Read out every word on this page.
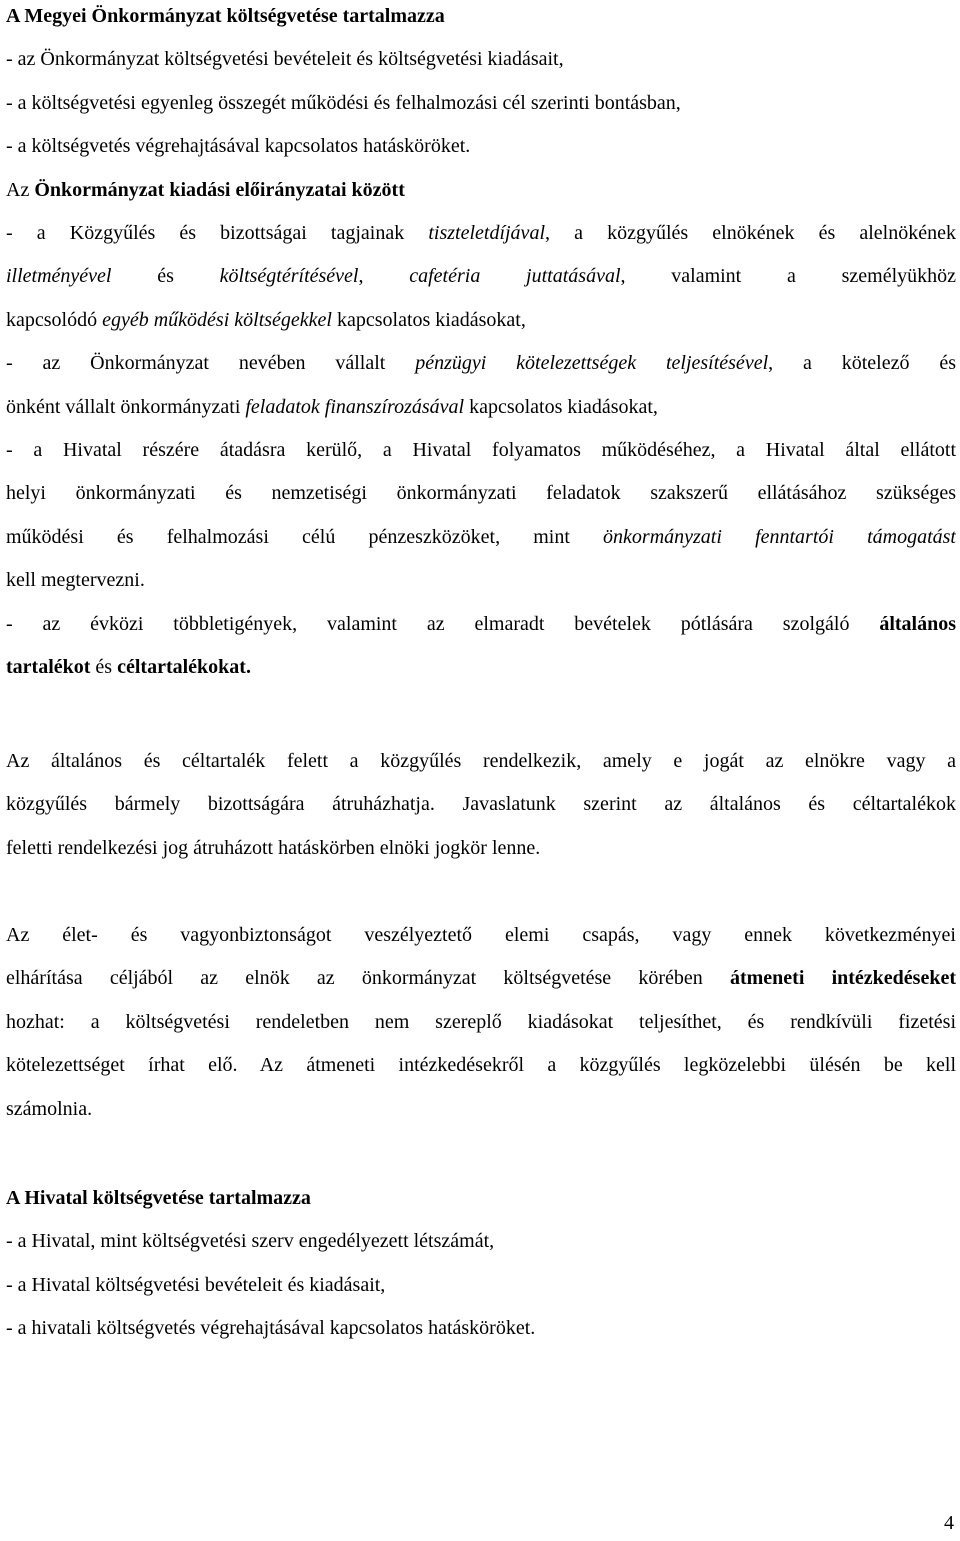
A Megyei Önkormányzat költségvetése tartalmazza
- az Önkormányzat költségvetési bevételeit és költségvetési kiadásait,
- a költségvetési egyenleg összegét működési és felhalmozási cél szerinti bontásban,
- a költségvetés végrehajtásával kapcsolatos hatásköröket.
Az Önkormányzat kiadási előirányzatai között
- a Közgyűlés és bizottságai tagjainak tiszteletdíjával, a közgyűlés elnökének és alelnökének
illetményével és költségtérítésével, cafetéria juttatásával, valamint a személyükhöz
kapcsolódó egyéb működési költségekkel kapcsolatos kiadásokat,
- az Önkormányzat nevében vállalt pénzügyi kötelezettségek teljesítésével, a kötelező és
önként vállalt önkormányzati feladatok finanszírozásával kapcsolatos kiadásokat,
- a Hivatal részére átadásra kerülő, a Hivatal folyamatos működéséhez, a Hivatal által ellátott
helyi önkormányzati és nemzetiségi önkormányzati feladatok szakszerű ellátásához szükséges
működési és felhalmozási célú pénzeszközöket, mint önkormányzati fenntartói támogatást
kell megtervezni.
- az évközi többletigények, valamint az elmaradt bevételek pótlására szolgáló általános
tartalékot és céltartalékokat.
Az általános és céltartalék felett a közgyűlés rendelkezik, amely e jogát az elnökre vagy a
közgyűlés bármely bizottságára átruházhatja. Javaslatunk szerint az általános és céltartalékok
feletti rendelkezési jog átruházott hatáskörben elnöki jogkör lenne.
Az élet- és vagyonbiztonságot veszélyeztető elemi csapás, vagy ennek következményei
elhárítása céljából az elnök az önkormányzat költségvetése körében átmeneti intézkedéseket
hozhat: a költségvetési rendeletben nem szereplő kiadásokat teljesíthet, és rendkívüli fizetési
kötelezettséget írhat elő. Az átmeneti intézkedésekről a közgyűlés legközelebbi ülésén be kell
számolnia.
A Hivatal költségvetése tartalmazza
- a Hivatal, mint költségvetési szerv engedélyezett létszámát,
- a Hivatal költségvetési bevételeit és kiadásait,
- a hivatali költségvetés végrehajtásával kapcsolatos hatásköröket.
4
